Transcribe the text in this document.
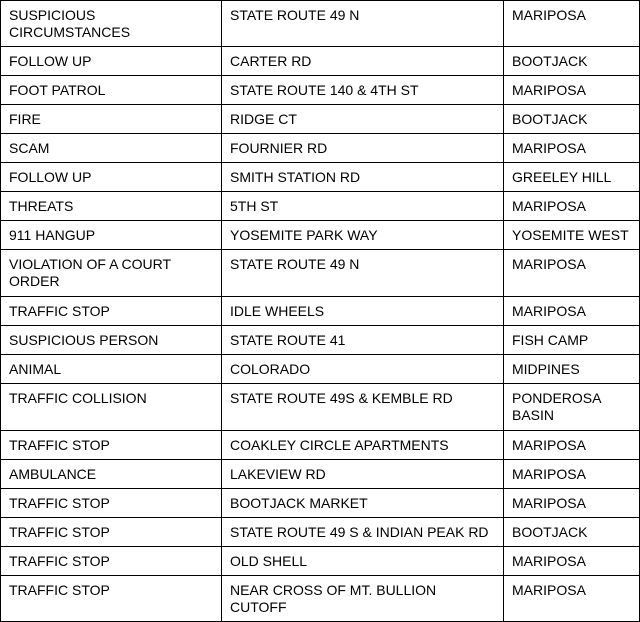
SUSPICIOUS CIRCUMSTANCES	STATE ROUTE 49 N	MARIPOSA
FOLLOW UP	CARTER RD	BOOTJACK
FOOT PATROL	STATE ROUTE 140 & 4TH ST	MARIPOSA
FIRE	RIDGE CT	BOOTJACK
SCAM	FOURNIER RD	MARIPOSA
FOLLOW UP	SMITH STATION RD	GREELEY HILL
THREATS	5TH ST	MARIPOSA
911 HANGUP	YOSEMITE PARK WAY	YOSEMITE WEST
VIOLATION OF A COURT ORDER	STATE ROUTE 49 N	MARIPOSA
TRAFFIC STOP	IDLE WHEELS	MARIPOSA
SUSPICIOUS PERSON	STATE ROUTE 41	FISH CAMP
ANIMAL	COLORADO	MIDPINES
TRAFFIC COLLISION	STATE ROUTE 49S & KEMBLE RD	PONDEROSA BASIN
TRAFFIC STOP	COAKLEY CIRCLE APARTMENTS	MARIPOSA
AMBULANCE	LAKEVIEW RD	MARIPOSA
TRAFFIC STOP	BOOTJACK MARKET	MARIPOSA
TRAFFIC STOP	STATE ROUTE 49 S & INDIAN PEAK RD	BOOTJACK
TRAFFIC STOP	OLD SHELL	MARIPOSA
TRAFFIC STOP	NEAR CROSS OF MT. BULLION CUTOFF	MARIPOSA
